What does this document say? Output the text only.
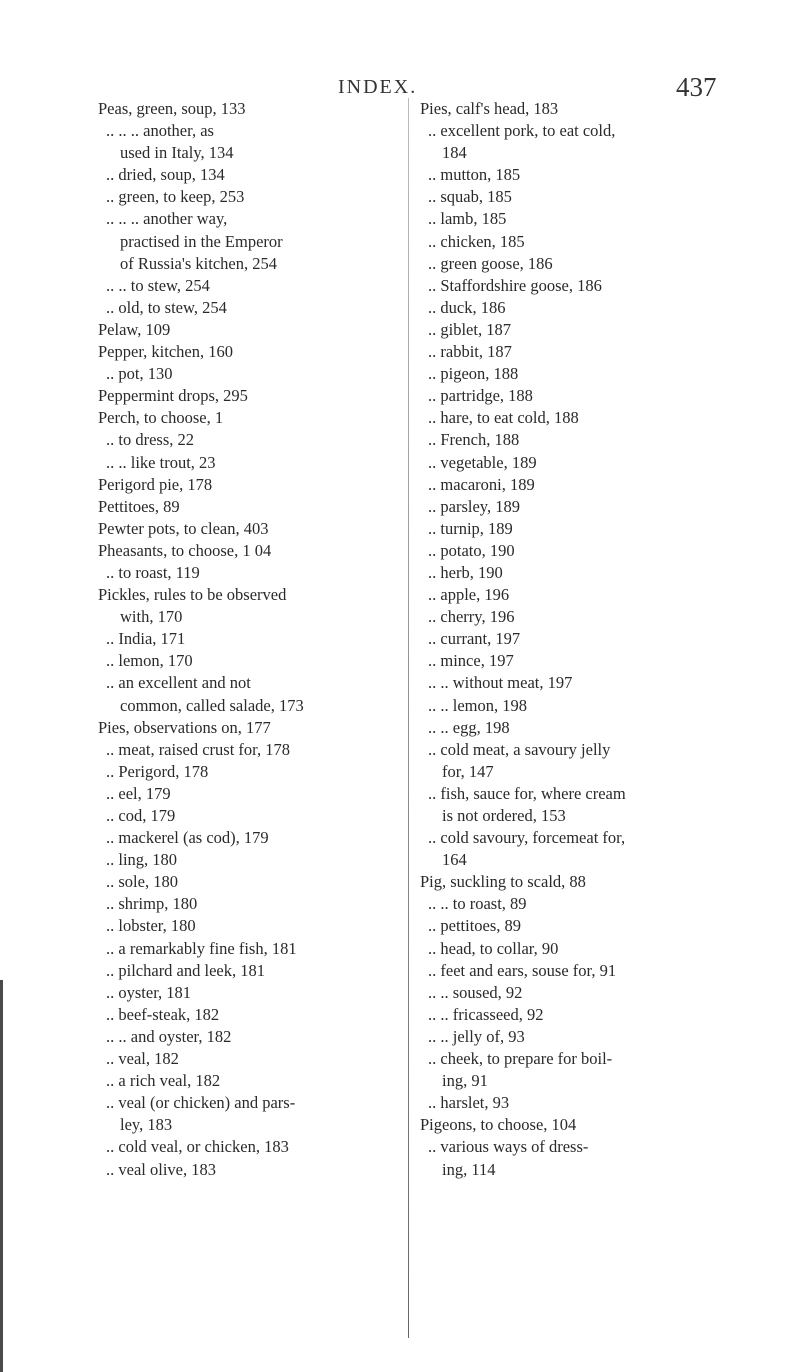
INDEX.	437
Peas, green, soup, 133
.. .. .. another, as
used in Italy, 134
.. dried, soup, 134
.. green, to keep, 253
.. .. .. another way,
practised in the Emperor
of Russia's kitchen, 254
.. .. to stew, 254
.. old, to stew, 254
Pelaw, 109
Pepper, kitchen, 160
.. pot, 130
Peppermint drops, 295
Perch, to choose, 1
.. to dress, 22
.. .. like trout, 23
Perigord pie, 178
Pettitoes, 89
Pewter pots, to clean, 403
Pheasants, to choose, 1 04
.. to roast, 119
Pickles, rules to be observed
with, 170
.. India, 171
.. lemon, 170
.. an excellent and not
common, called salade, 173
Pies, observations on, 177
.. meat, raised crust for, 178
.. Perigord, 178
.. eel, 179
.. cod, 179
.. mackerel (as cod), 179
.. ling, 180
.. sole, 180
.. shrimp, 180
.. lobster, 180
.. a remarkably fine fish, 181
.. pilchard and leek, 181
.. oyster, 181
.. beef-steak, 182
.. .. and oyster, 182
.. veal, 182
.. a rich veal, 182
.. veal (or chicken) and pars-
ley, 183
.. cold veal, or chicken, 183
.. veal olive, 183
Pies, calf's head, 183
.. excellent pork, to eat cold,
184
.. mutton, 185
.. squab, 185
.. lamb, 185
.. chicken, 185
.. green goose, 186
.. Staffordshire goose, 186
.. duck, 186
.. giblet, 187
.. rabbit, 187
.. pigeon, 188
.. partridge, 188
.. hare, to eat cold, 188
.. French, 188
.. vegetable, 189
.. macaroni, 189
.. parsley, 189
.. turnip, 189
.. potato, 190
.. herb, 190
.. apple, 196
.. cherry, 196
.. currant, 197
.. mince, 197
.. .. without meat, 197
.. .. lemon, 198
.. .. egg, 198
.. cold meat, a savoury jelly
for, 147
.. fish, sauce for, where cream
is not ordered, 153
.. cold savoury, forcemeat for,
164
Pig, suckling to scald, 88
.. .. to roast, 89
.. pettitoes, 89
.. head, to collar, 90
.. feet and ears, souse for, 91
.. .. soused, 92
.. .. fricasseed, 92
.. .. jelly of, 93
.. cheek, to prepare for boil-
ing, 91
.. harslet, 93
Pigeons, to choose, 104
.. various ways of dress-
ing, 114
